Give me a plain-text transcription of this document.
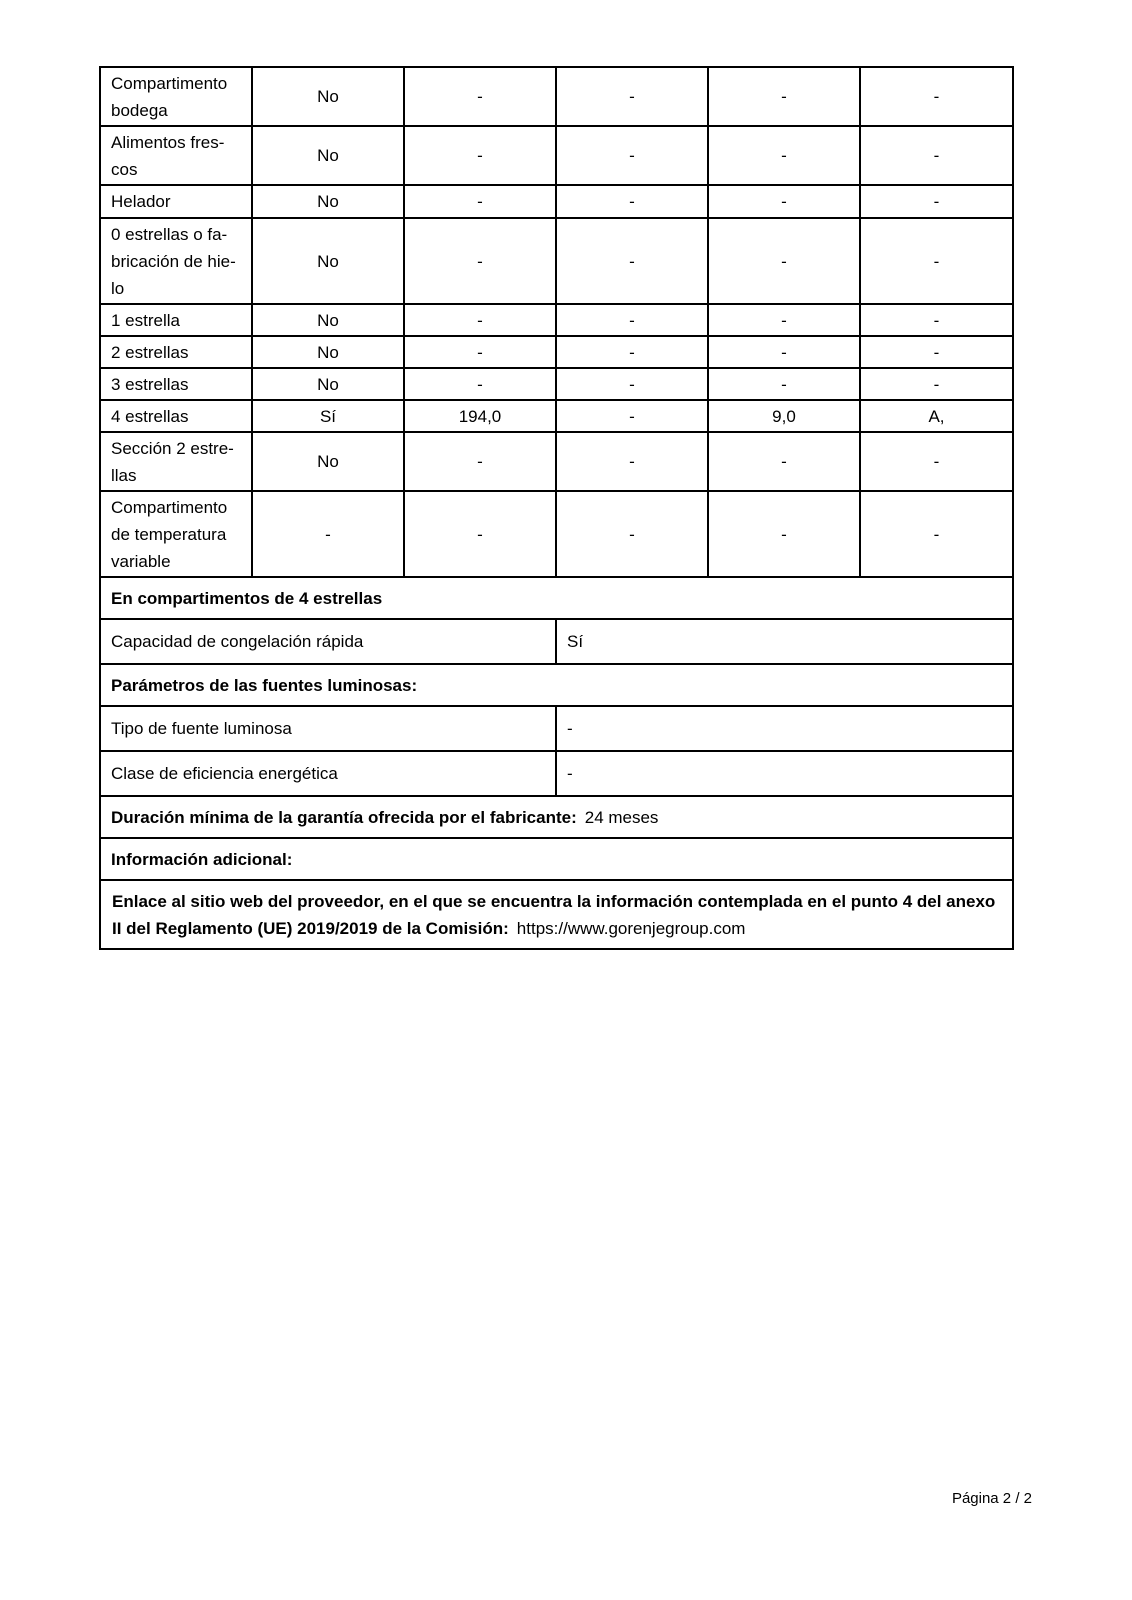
Compartimento bodega	No	-	-	-	-
Alimentos fres-
cos	No	-	-	-	-
Helador	No	-	-	-	-
0 estrellas o fa-
bricación de hie-
lo	No	-	-	-	-
1 estrella	No	-	-	-	-
2 estrellas	No	-	-	-	-
3 estrellas	No	-	-	-	-
4 estrellas	Sí	194,0	-	9,0	A,
Sección 2 estre-
llas	No	-	-	-	-
Compartimento de temperatura variable	-	-	-	-	-
En compartimentos de 4 estrellas					
Capacidad de congelación rápida			Sí		
Parámetros de las fuentes luminosas:					
Tipo de fuente luminosa			-		
Clase de eficiencia energética			-		
Duración mínima de la garantía ofrecida por el fabricante: 24 meses					
Información adicional:					
Enlace al sitio web del proveedor, en el que se encuentra la información contemplada en el punto 4 del anexo II del Reglamento (UE) 2019/2019 de la Comisión: https://www.gorenjegroup.com					
Página 2 / 2
